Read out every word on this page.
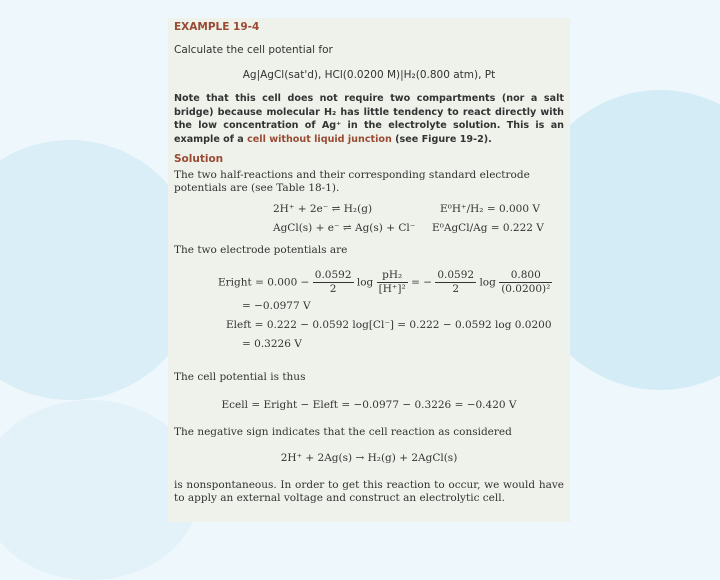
EXAMPLE 19-4
Calculate the cell potential for
Ag|AgCl(sat'd), HCl(0.0200 M)|H₂(0.800 atm), Pt
Note that this cell does not require two compartments (nor a salt bridge) because molecular H₂ has little tendency to react directly with the low concentration of Ag⁺ in the electrolyte solution. This is an example of a cell without liquid junction (see Figure 19-2).
Solution

The two half-reactions and their corresponding standard electrode potentials are (see Table 18-1).

2H⁺ + 2e⁻ ⇌ H₂(g)	E⁰H⁺/H₂ = 0.000 V
AgCl(s) + e⁻ ⇌ Ag(s) + Cl⁻ E⁰AgCl/Ag = 0.222 V

The two electrode potentials are

Eright = $0.000 - \frac{0.0592}{2}$ $\log \frac{\text{pH₂}}{\text{[H⁺]²}}$ = − $\frac{0.0592}{2}$ $\log \frac{0.800}{\text{(0.0200)²}}$
= −0.0977 V
Eleft = 0.222 − 0.0592 log[Cl⁻] = 0.222 − 0.0592 log 0.0200
= 0.3226 V

The cell potential is thus

Ecell = Eright − Eleft = −0.0977 − 0.3226 = −0.420 V

The negative sign indicates that the cell reaction as considered

2H⁺ + 2Ag(s) → H₂(g) + 2AgCl(s)

is nonspontaneous. In order to get this reaction to occur, we would have to apply an external voltage and construct an electrolytic cell.
